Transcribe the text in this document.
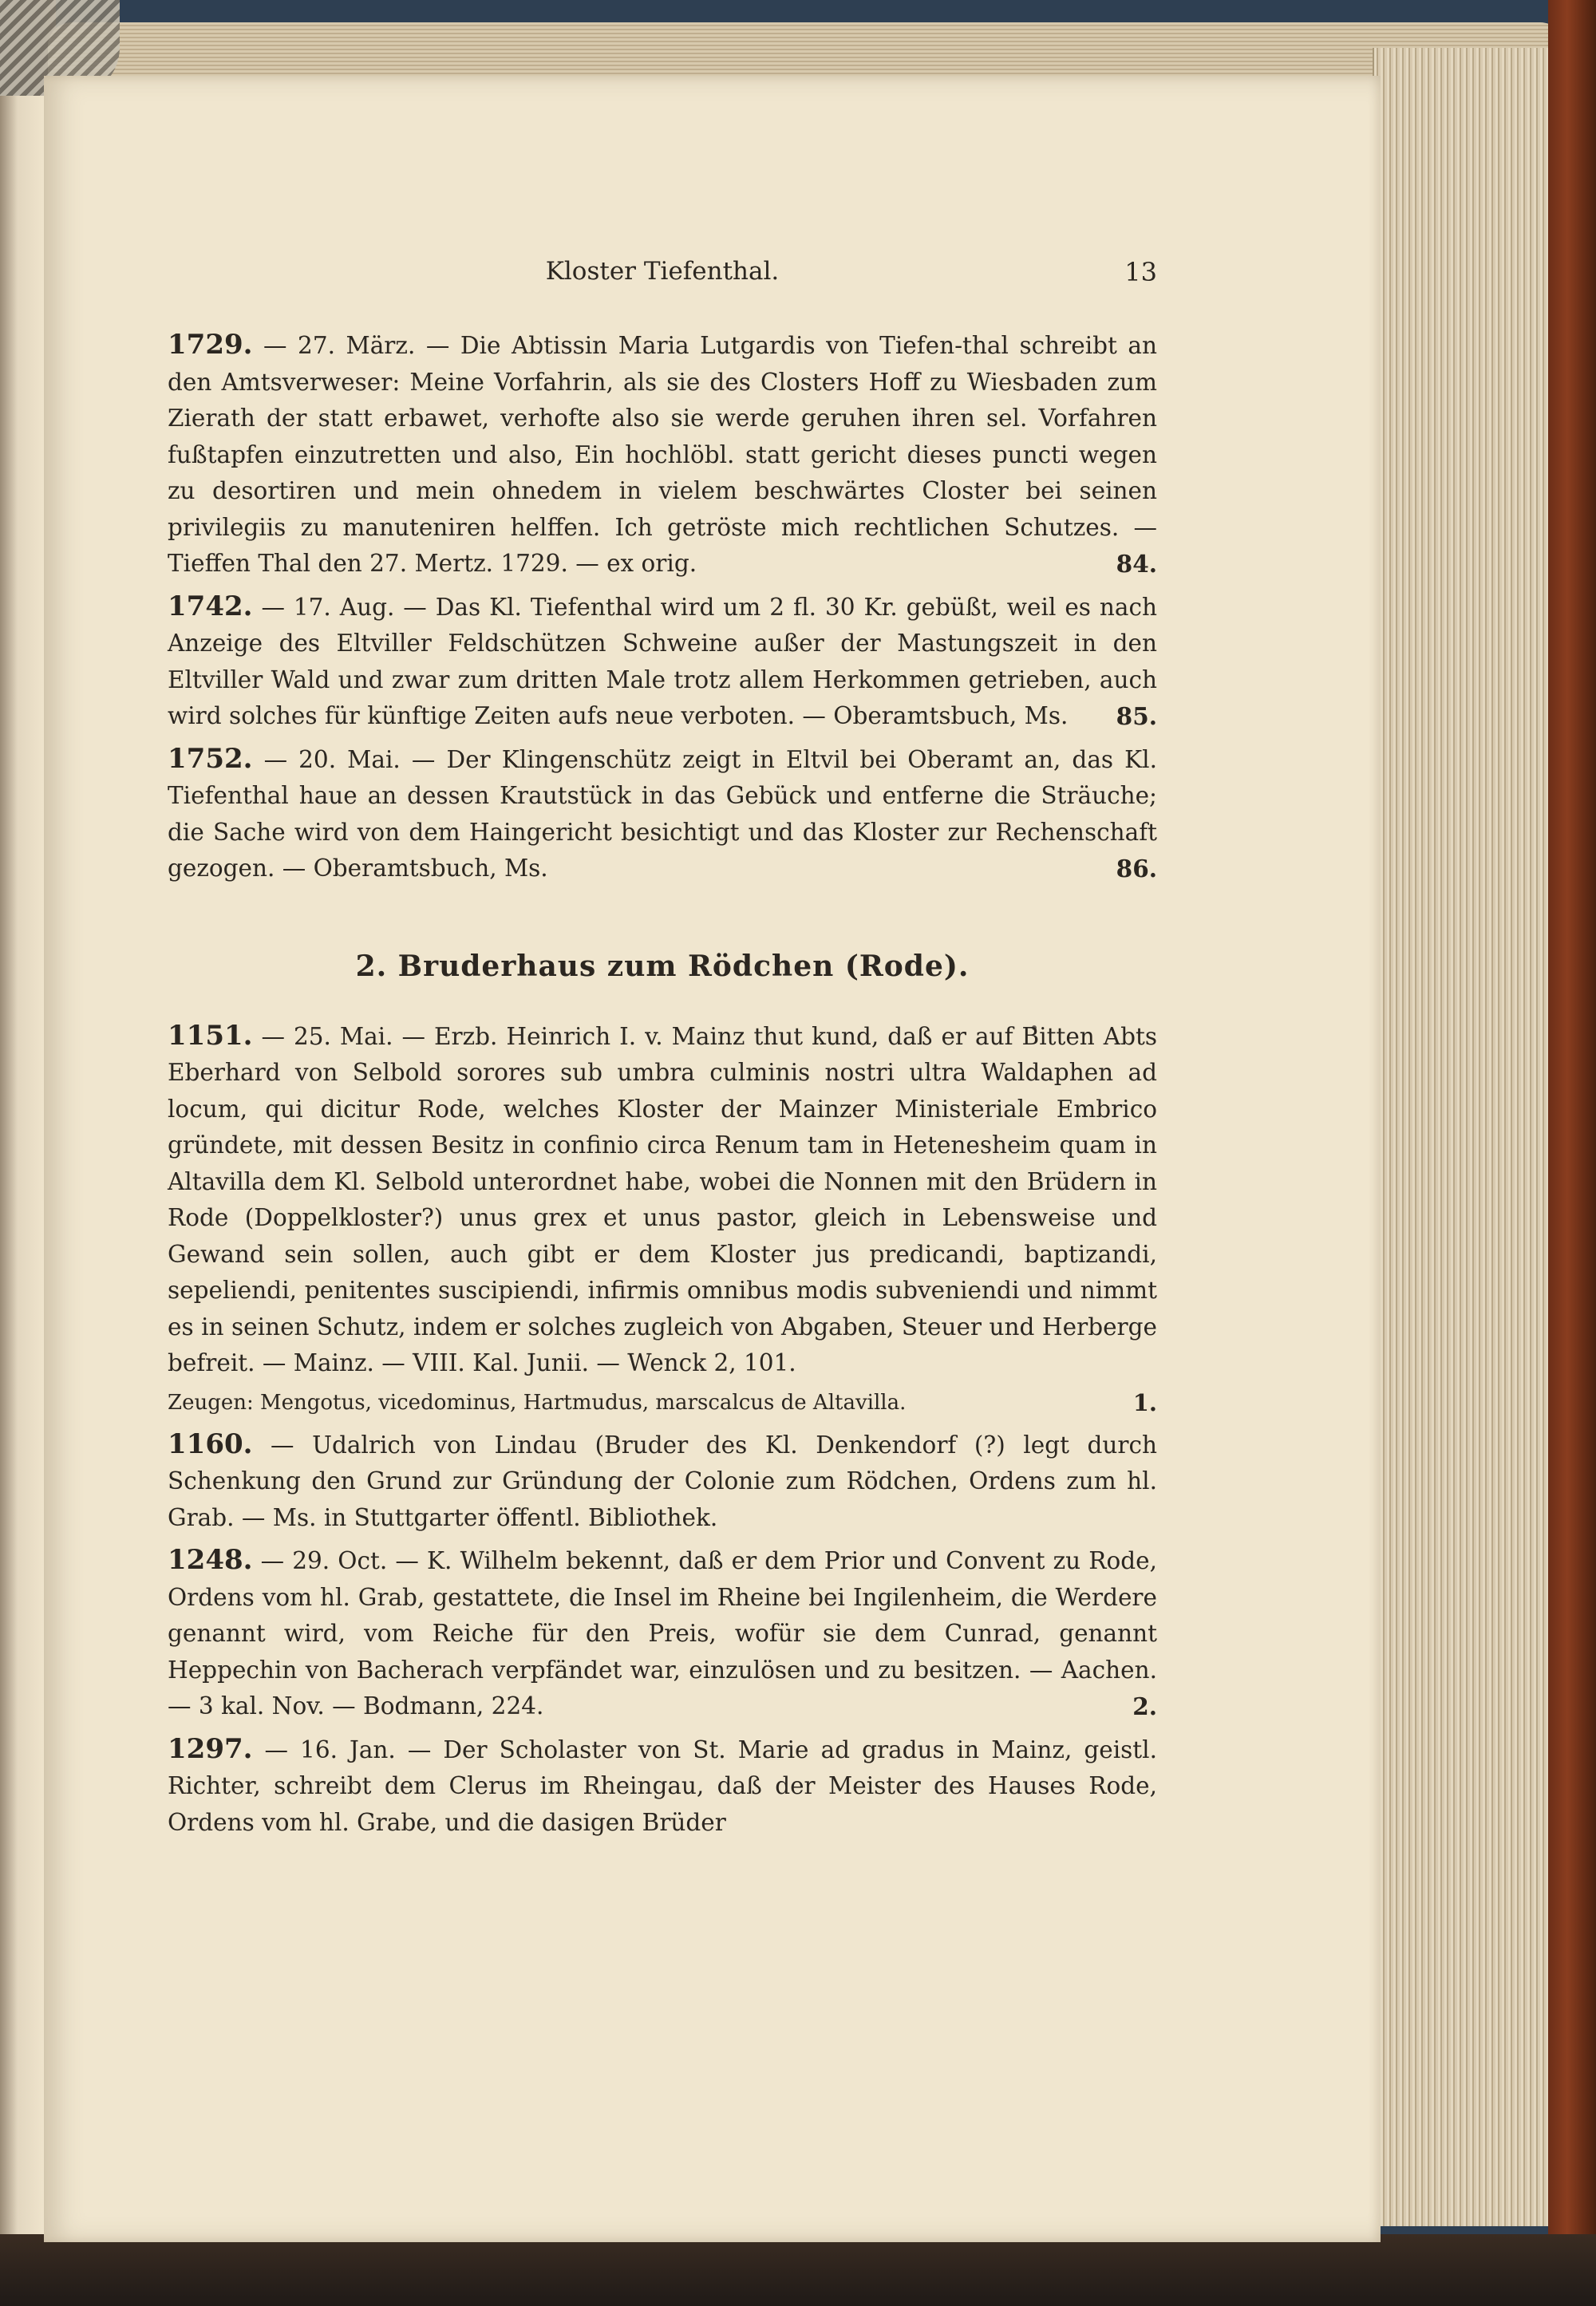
Kloster Tiefenthal.	13

1729. — 27. März. — Die Abtissin Maria Lutgardis von Tiefen-thal schreibt an den Amtsverweser: Meine Vorfahrin, als sie des Closters Hoff zu Wiesbaden zum Zierath der statt erbawet, verhofte also sie werde geruhen ihren sel. Vorfahren fußtapfen einzutretten und also, Ein hochlöbl. statt gericht dieses puncti wegen zu desortiren und mein ohnedem in vielem beschwärtes Closter bei seinen privilegiis zu manuteniren helffen. Ich getröste mich rechtlichen Schutzes. — Tieffen Thal den 27. Mertz. 1729. — ex orig.	84.

1742. — 17. Aug. — Das Kl. Tiefenthal wird um 2 fl. 30 Kr. gebüßt, weil es nach Anzeige des Eltviller Feldschützen Schweine außer der Mastungszeit in den Eltviller Wald und zwar zum dritten Male trotz allem Herkommen getrieben, auch wird solches für künftige Zeiten aufs neue verboten. — Oberamtsbuch, Ms.	85.

1752. — 20. Mai. — Der Klingenschütz zeigt in Eltvil bei Oberamt an, das Kl. Tiefenthal haue an dessen Krautstück in das Gebück und entferne die Sträuche; die Sache wird von dem Haingericht besichtigt und das Kloster zur Rechenschaft gezogen. — Oberamtsbuch, Ms.	86.

2. Bruderhaus zum Rödchen (Rode).

1151. — 25. Mai. — Erzb. Heinrich I. v. Mainz thut kund, daß er auf Bitten Abts Eberhard von Selbold sorores sub umbra culminis nostri ultra Waldaphen ad locum, qui dicitur Rode, welches Kloster der Mainzer Ministeriale Embrico gründete, mit dessen Besitz in confinio circa Renum tam in Hetenesheim quam in Altavilla dem Kl. Selbold unterordnet habe, wobei die Nonnen mit den Brüdern in Rode (Doppelkloster?) unus grex et unus pastor, gleich in Lebensweise und Gewand sein sollen, auch gibt er dem Kloster jus predicandi, baptizandi, sepeliendi, penitentes suscipiendi, infirmis omnibus modis subveniendi und nimmt es in seinen Schutz, indem er solches zugleich von Abgaben, Steuer und Herberge befreit. — Mainz. — VIII. Kal. Junii. — Wenck 2, 101.

Zeugen: Mengotus, vicedominus, Hartmudus, marscalcus de Altavilla.	1.

1160. — Udalrich von Lindau (Bruder des Kl. Denkendorf (?) legt durch Schenkung den Grund zur Gründung der Colonie zum Rödchen, Ordens zum hl. Grab. — Ms. in Stuttgarter öffentl. Bibliothek.

1248. — 29. Oct. — K. Wilhelm bekennt, daß er dem Prior und Convent zu Rode, Ordens vom hl. Grab, gestattete, die Insel im Rheine bei Ingilenheim, die Werdere genannt wird, vom Reiche für den Preis, wofür sie dem Cunrad, genannt Heppechin von Bacherach verpfändet war, einzulösen und zu besitzen. — Aachen. — 3 kal. Nov. — Bodmann, 224.	2.

1297. — 16. Jan. — Der Scholaster von St. Marie ad gradus in Mainz, geistl. Richter, schreibt dem Clerus im Rheingau, daß der Meister des Hauses Rode, Ordens vom hl. Grabe, und die dasigen Brüder
